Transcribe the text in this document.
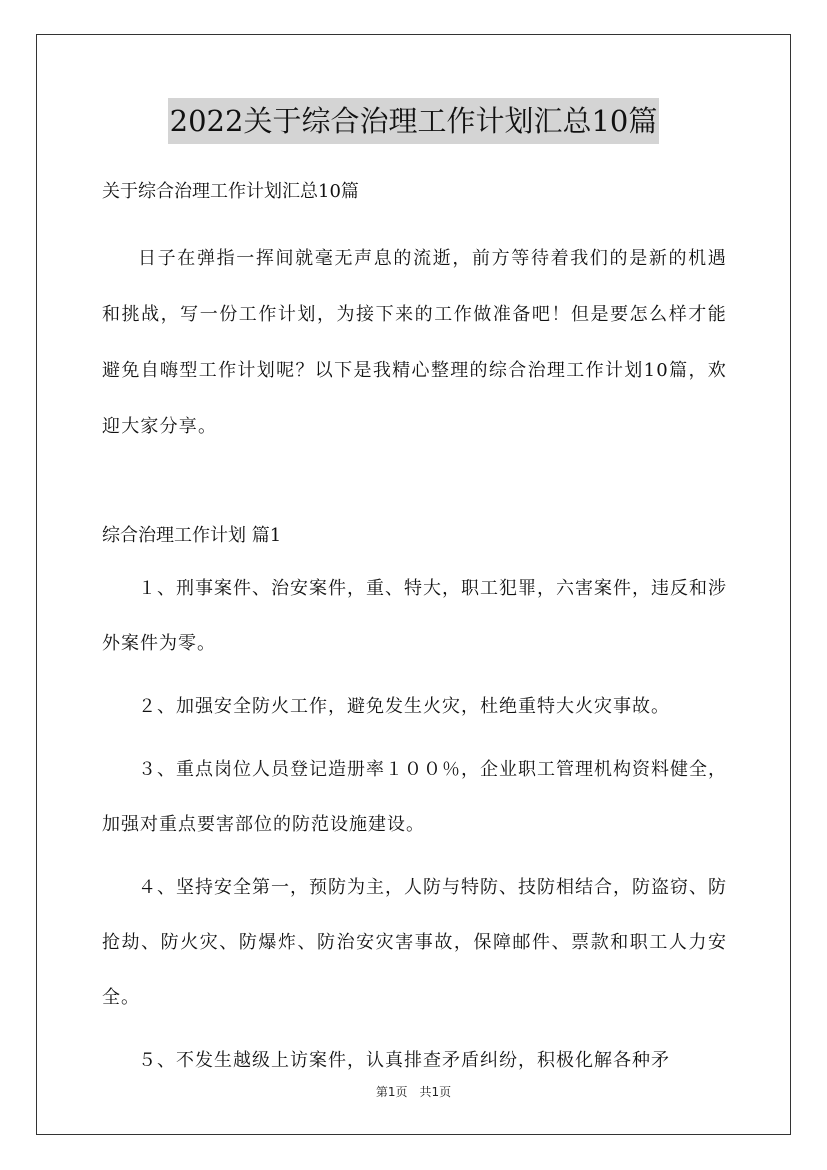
2022关于综合治理工作计划汇总10篇

关于综合治理工作计划汇总10篇

日子在弹指一挥间就毫无声息的流逝，前方等待着我们的是新的机遇和挑战，写一份工作计划，为接下来的工作做准备吧！但是要怎么样才能避免自嗨型工作计划呢？以下是我精心整理的综合治理工作计划10篇，欢迎大家分享。

综合治理工作计划 篇1

１、刑事案件、治安案件，重、特大，职工犯罪，六害案件，违反和涉外案件为零。

２、加强安全防火工作，避免发生火灾，杜绝重特大火灾事故。

３、重点岗位人员登记造册率１００％，企业职工管理机构资料健全，加强对重点要害部位的防范设施建设。

４、坚持安全第一，预防为主，人防与特防、技防相结合，防盗窃、防抢劫、防火灾、防爆炸、防治安灾害事故，保障邮件、票款和职工人力安全。

５、不发生越级上访案件，认真排查矛盾纠纷，积极化解各种矛

第1页　共1页
